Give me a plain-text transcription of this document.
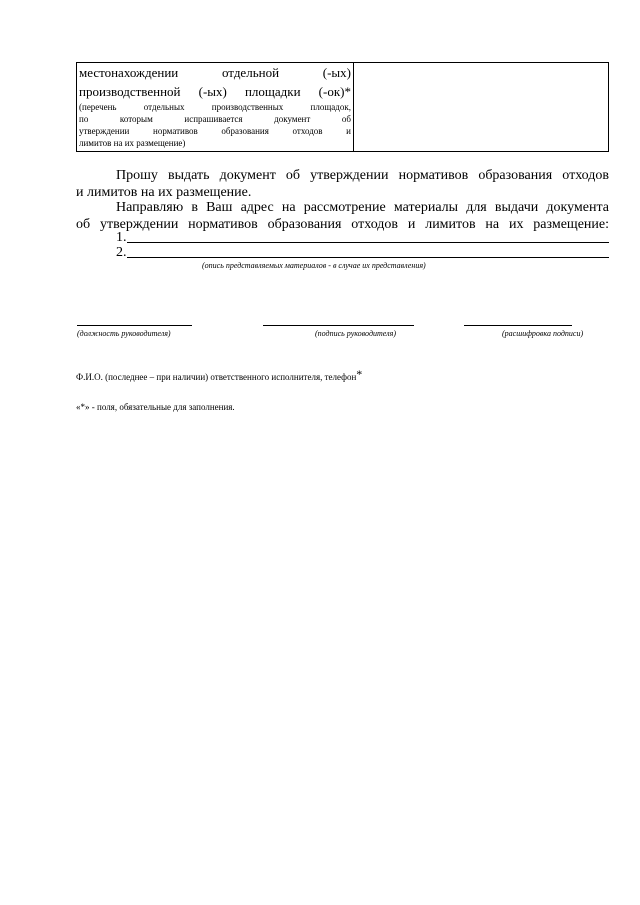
местонахождении отдельной (-ых)
производственной (-ых) площадки (-ок)*
(перечень отдельных производственных площадок,
по которым испрашивается документ об
утверждении нормативов образования отходов и
лимитов на их размещение)
Прошу выдать документ об утверждении нормативов образования отходов
и лимитов на их размещение.
Направляю в Ваш адрес на рассмотрение материалы для выдачи документа
об утверждении нормативов образования отходов и лимитов на их размещение:
1.
2.
(опись представляемых материалов - в случае их представления)
(должность руководителя)	(подпись руководителя)	(расшифровка подписи)
Ф.И.О. (последнее – при наличии) ответственного исполнителя, телефон*
«*» - поля, обязательные для заполнения.
